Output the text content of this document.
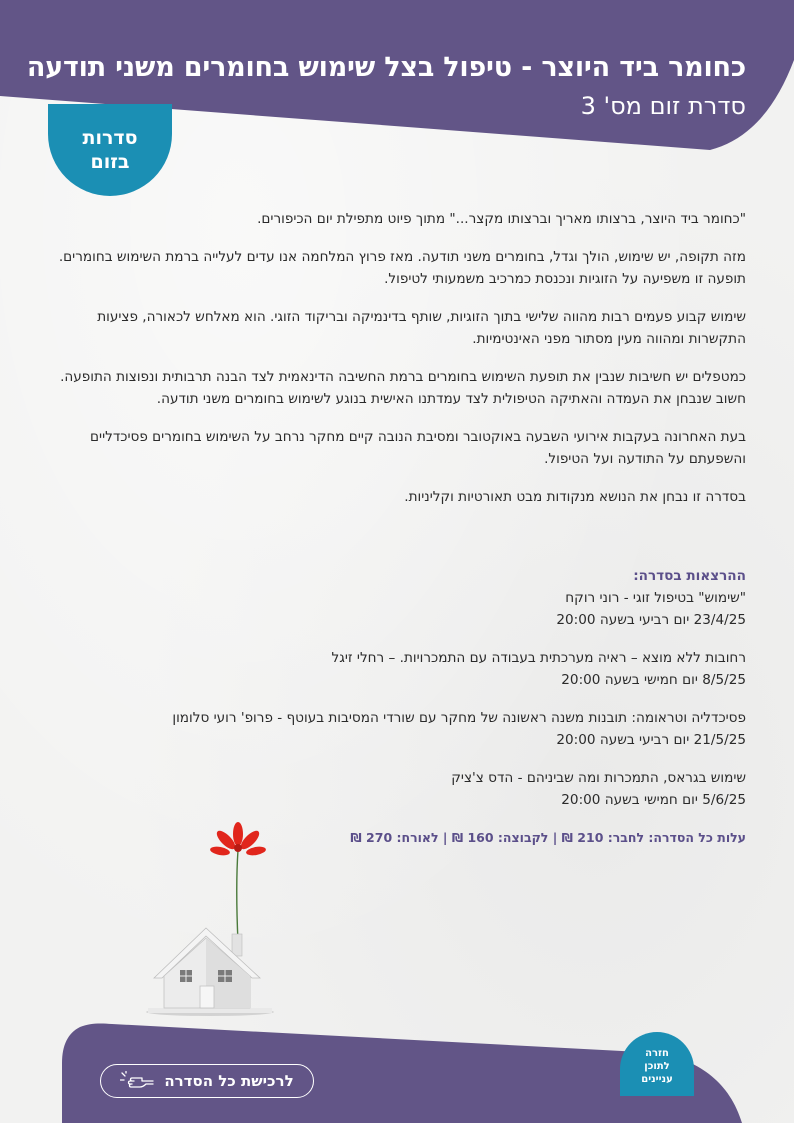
כחומר ביד היוצר - טיפול בצל שימוש בחומרים משני תודעה
סדרת זום מס' 3
סדרות
בזום

"כחומר ביד היוצר, ברצותו מאריך וברצותו מקצר..." מתוך פיוט מתפילת יום הכיפורים.

מזה תקופה, יש שימוש, הולך וגדל, בחומרים משני תודעה. מאז פרוץ המלחמה אנו עדים לעלייה ברמת השימוש בחומרים. תופעה זו משפיעה על הזוגיות ונכנסת כמרכיב משמעותי לטיפול.

שימוש קבוע פעמים רבות מהווה שלישי בתוך הזוגיות, שותף בדינמיקה ובריקוד הזוגי. הוא מאלחש לכאורה, פציעות התקשרות ומהווה מעין מסתור מפני האינטימיות.

כמטפלים יש חשיבות שנבין את תופעת השימוש בחומרים ברמת החשיבה הדינאמית לצד הבנה תרבותית ונפוצות התופעה. חשוב שנבחן את העמדה והאתיקה הטיפולית לצד עמדתנו האישית בנוגע לשימוש בחומרים משני תודעה.

בעת האחרונה בעקבות אירועי השבעה באוקטובר ומסיבת הנובה קיים מחקר נרחב על השימוש בחומרים פסיכדליים והשפעתם על התודעה ועל הטיפול.

בסדרה זו נבחן את הנושא מנקודות מבט תאורטיות וקליניות.

ההרצאות בסדרה:
"שימוש" בטיפול זוגי - רוני רוקח
23/4/25 יום רביעי בשעה 20:00
רחובות ללא מוצא – ראיה מערכתית בעבודה עם התמכרויות. – רחלי זיגל
8/5/25 יום חמישי בשעה 20:00
פסיכדליה וטראומה: תובנות משנה ראשונה של מחקר עם שורדי המסיבות בעוטף - פרופ' רועי סלומון
21/5/25 יום רביעי בשעה 20:00
שימוש בגראס, התמכרות ומה שביניהם - הדס צ'ציק
5/6/25 יום חמישי בשעה 20:00
עלות כל הסדרה: לחבר: 210 ₪ | לקבוצה: 160 ₪ | לאורח: 270 ₪
לרכישת כל הסדרה
חזרה
לתוכן
עניינים
